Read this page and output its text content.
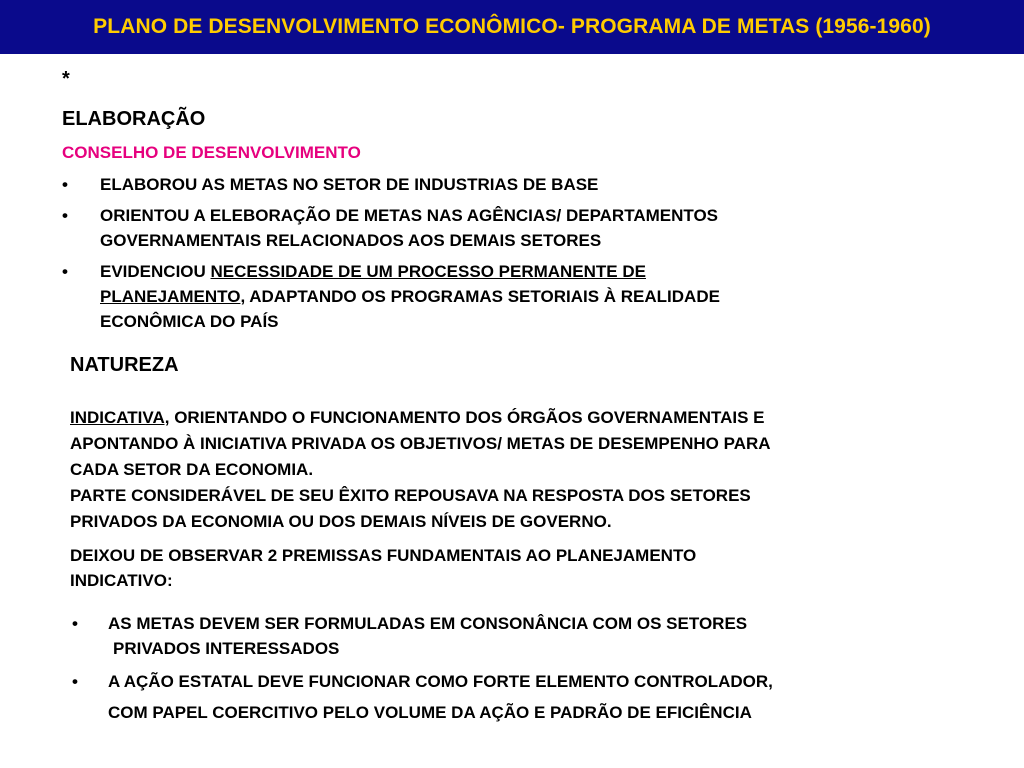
PLANO DE DESENVOLVIMENTO ECONÔMICO- PROGRAMA DE METAS (1956-1960)
*
ELABORAÇÃO
CONSELHO DE DESENVOLVIMENTO
• ELABOROU AS METAS NO SETOR DE INDUSTRIAS DE BASE
• ORIENTOU A ELEBORAÇÃO DE METAS NAS AGÊNCIAS/ DEPARTAMENTOS
GOVERNAMENTAIS RELACIONADOS AOS DEMAIS SETORES
• EVIDENCIOU NECESSIDADE DE UM PROCESSO PERMANENTE DE
PLANEJAMENTO, ADAPTANDO OS PROGRAMAS SETORIAIS À REALIDADE
ECONÔMICA DO PAÍS
NATUREZA
INDICATIVA, ORIENTANDO O FUNCIONAMENTO DOS ÓRGÃOS GOVERNAMENTAIS E
APONTANDO À INICIATIVA PRIVADA OS OBJETIVOS/ METAS DE DESEMPENHO PARA
CADA SETOR DA ECONOMIA.
PARTE CONSIDERÁVEL DE SEU ÊXITO REPOUSAVA NA RESPOSTA DOS SETORES
PRIVADOS DA ECONOMIA OU DOS DEMAIS NÍVEIS DE GOVERNO.
DEIXOU DE OBSERVAR 2 PREMISSAS FUNDAMENTAIS AO PLANEJAMENTO
INDICATIVO:
• AS METAS DEVEM SER FORMULADAS EM CONSONÂNCIA COM OS SETORES
PRIVADOS INTERESSADOS
• A AÇÃO ESTATAL DEVE FUNCIONAR COMO FORTE ELEMENTO CONTROLADOR,
COM PAPEL COERCITIVO PELO VOLUME DA AÇÃO E PADRÃO DE EFICIÊNCIA
